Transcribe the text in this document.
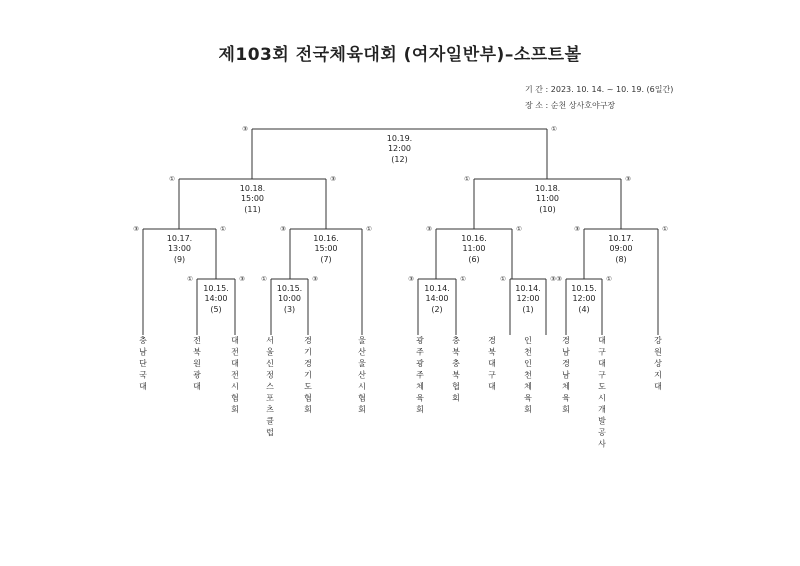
제103회 전국체육대회 (여자일반부)–소프트볼
기 간 : 2023. 10. 14. ~ 10. 19. (6일간)
장 소 : 순천 상사호야구장
10.14.
12:00
(1)
①	③
10.14.
14:00
(2)
③	①
10.15.
10:00
(3)
①	③
10.15.
14:00
(5)
①	③
10.15.
12:00
(4)
③	①
10.16.
11:00
(6)
③	①
10.16.
15:00
(7)
③	①
10.17.
09:00
(8)
③	①
10.17.
13:00
(9)
③	①
10.18.
11:00
(10)
①	③
10.18.
15:00
(11)
①	③
10.19.
12:00
(12)
③	①
충 남 단 국 대
전 북 원 광 대
대 전 대 전 시 협 회
서 울 신 정 스 포 츠 클 럽
경 기 경 기 도 협 회
울 산 울 산 시 협 회
광 주 광 주 체 육 회
충 북 충 북 협 회
경 북 대 구 대
인 천 인 천 체 육 회
경 남 경 남 체 육 회
대 구 대 구 도 시 개 발 공 사
강 원 상 지 대
